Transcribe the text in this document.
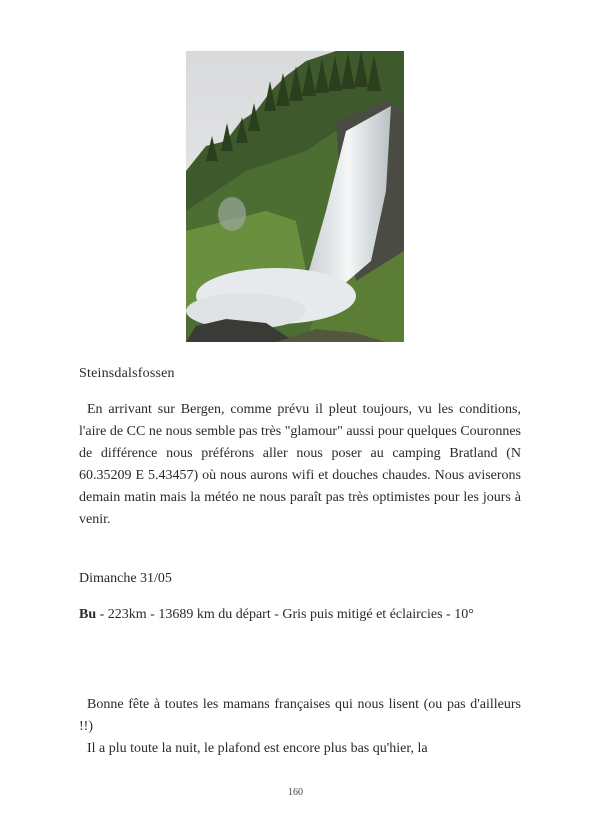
Steinsdalsfossen

En arrivant sur Bergen, comme prévu il pleut toujours, vu les conditions, l'aire de CC ne nous semble pas très "glamour" aussi pour quelques Couronnes de différence nous préférons aller nous poser au camping Bratland (N 60.35209 E 5.43457) où nous aurons wifi et douches chaudes. Nous aviserons demain matin mais la météo ne nous paraît pas très optimistes pour les jours à venir.

Dimanche 31/05
Bu - 223km - 13689 km du départ - Gris puis mitigé et éclaircies - 10°

Bonne fête à toutes les mamans françaises qui nous lisent (ou pas d'ailleurs !!)

Il a plu toute la nuit, le plafond est encore plus bas qu'hier, la

160
